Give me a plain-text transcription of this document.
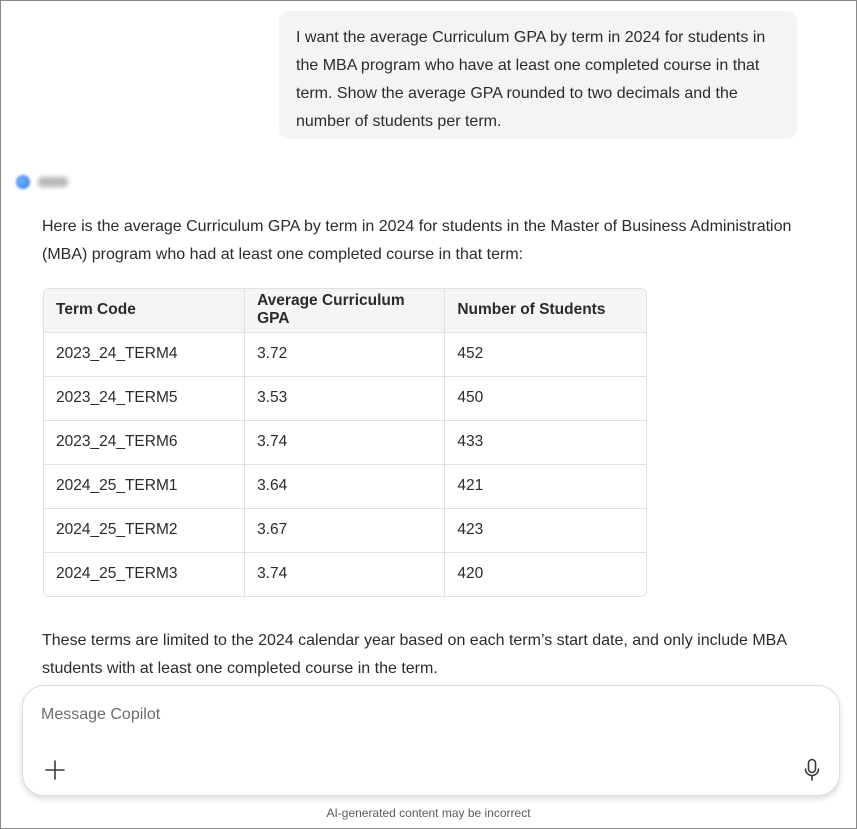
I want the average Curriculum GPA by term in 2024 for students in the MBA program who have at least one completed course in that term. Show the average GPA rounded to two decimals and the number of students per term.

Here is the average Curriculum GPA by term in 2024 for students in the Master of Business Administration (MBA) program who had at least one completed course in that term:

Term Code	Average Curriculum GPA	Number of Students
2023_24_TERM4	3.72	452
2023_24_TERM5	3.53	450
2023_24_TERM6	3.74	433
2024_25_TERM1	3.64	421
2024_25_TERM2	3.67	423
2024_25_TERM3	3.74	420

These terms are limited to the 2024 calendar year based on each term’s start date, and only include MBA students with at least one completed course in the term.

Message Copilot
AI-generated content may be incorrect
